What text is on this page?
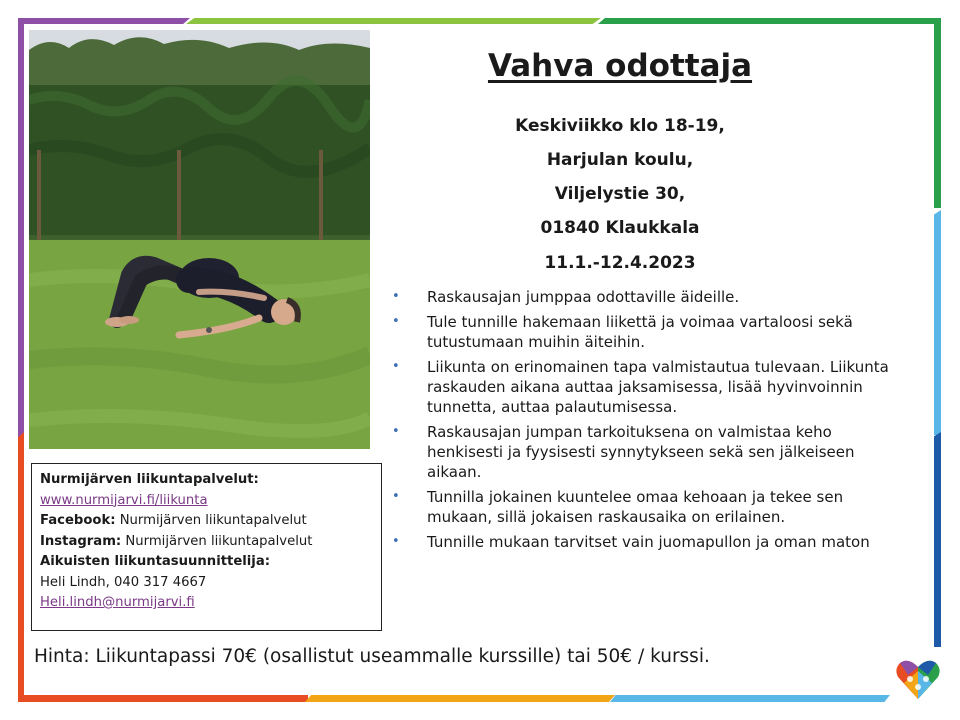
Nurmijärven liikuntapalvelut:
www.nurmijarvi.fi/liikunta
Facebook: Nurmijärven liikuntapalvelut
Instagram: Nurmijärven liikuntapalvelut
Aikuisten liikuntasuunnittelija:
Heli Lindh, 040 317 4667
Heli.lindh@nurmijarvi.fi
Vahva odottaja
Keskiviikko klo 18-19,
Harjulan koulu,
Viljelystie 30,
01840 Klaukkala
11.1.-12.4.2023
• Raskausajan jumppaa odottaville äideille.
• Tule tunnille hakemaan liikettä ja voimaa vartaloosi sekä tutustumaan muihin äiteihin.
• Liikunta on erinomainen tapa valmistautua tulevaan. Liikunta raskauden aikana auttaa jaksamisessa, lisää hyvinvoinnin tunnetta, auttaa palautumisessa.
• Raskausajan jumpan tarkoituksena on valmistaa keho henkisesti ja fyysisesti synnytykseen sekä sen jälkeiseen aikaan.
• Tunnilla jokainen kuuntelee omaa kehoaan ja tekee sen mukaan, sillä jokaisen raskausaika on erilainen.
• Tunnille mukaan tarvitset vain juomapullon ja oman maton
Hinta: Liikuntapassi 70€ (osallistut useammalle kurssille) tai 50€ / kurssi.
